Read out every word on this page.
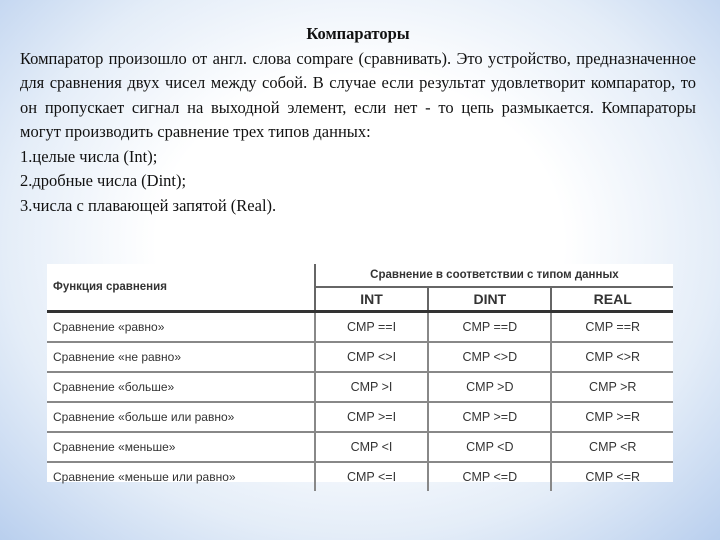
Компараторы

Компаратор произошло от англ. слова compare (сравнивать). Это устройство, предназначенное для сравнения двух чисел между собой. В случае если результат удовлетворит компаратор, то он пропускает сигнал на выходной элемент, если нет - то цепь размыкается. Компараторы могут производить сравнение трех типов данных:

1.целые числа (Int);
2.дробные числа (Dint);
3.числа с плавающей запятой (Real).
Функция сравнения	Сравнение в соответствии с типом данных		
	INT	DINT	REAL
Сравнение «равно»	CMP ==I	CMP ==D	CMP ==R
Сравнение «не равно»	CMP <>I	CMP <>D	CMP <>R
Сравнение «больше»	CMP >I	CMP >D	CMP >R
Сравнение «больше или равно»	CMP >=I	CMP >=D	CMP >=R
Сравнение «меньше»	CMP <I	CMP <D	CMP <R
Сравнение «меньше или равно»	CMP <=I	CMP <=D	CMP <=R
